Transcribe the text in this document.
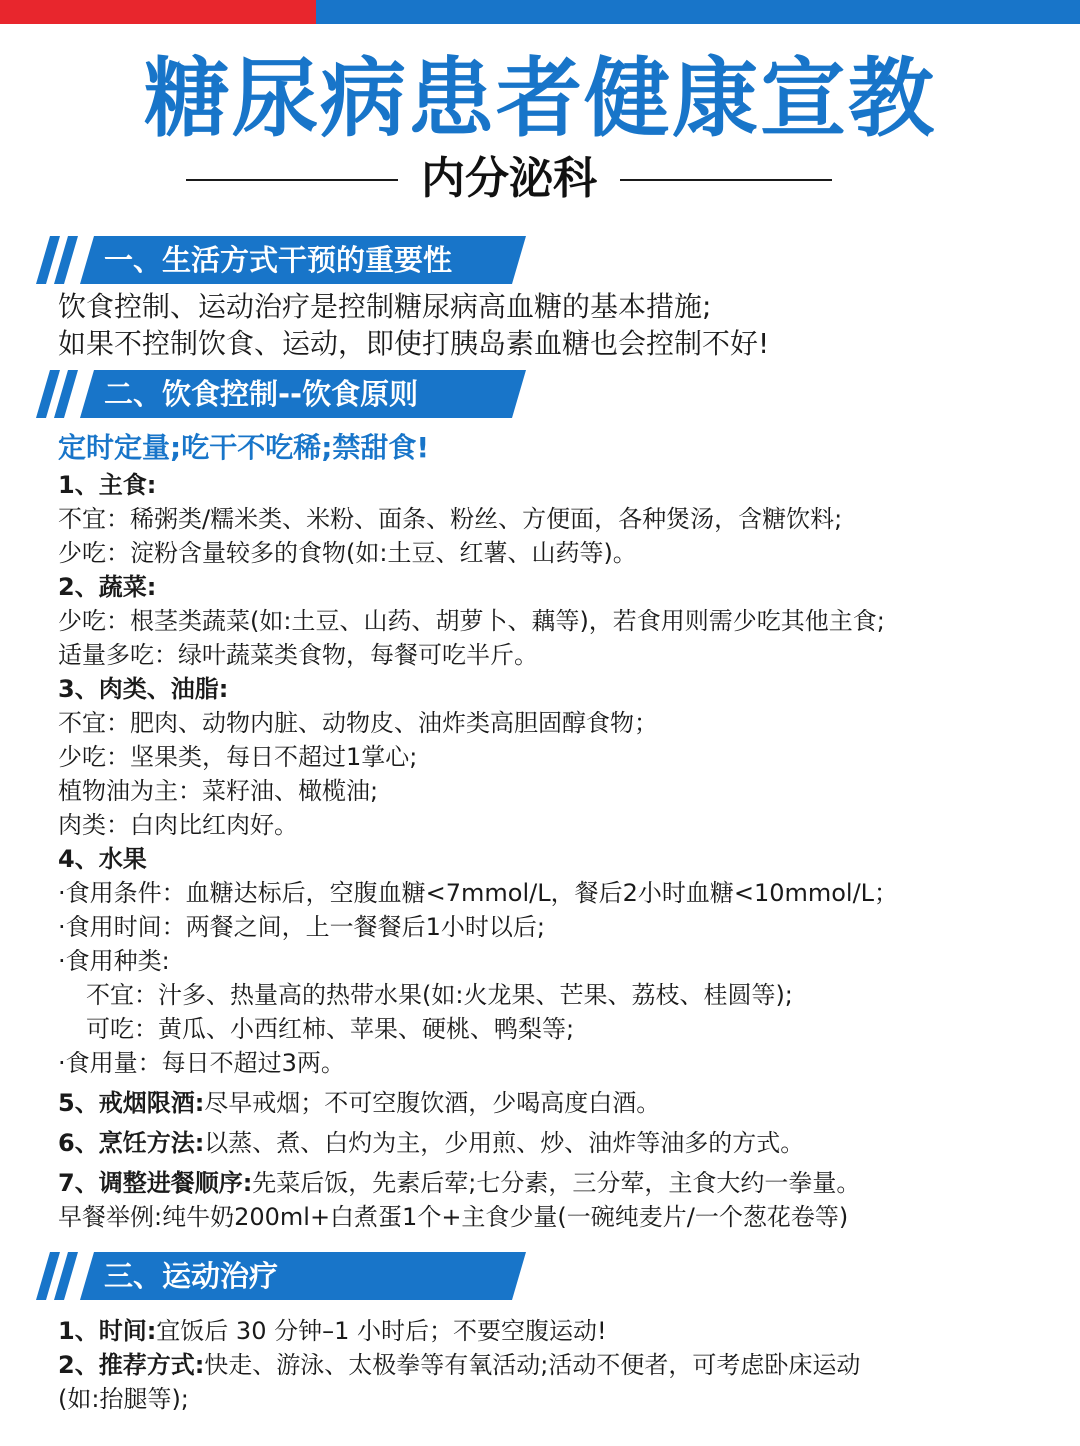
糖尿病患者健康宣教
内分泌科
一、生活方式干预的重要性
饮食控制、运动治疗是控制糖尿病高血糖的基本措施;
如果不控制饮食、运动，即使打胰岛素血糖也会控制不好!
二、饮食控制--饮食原则
定时定量;吃干不吃稀;禁甜食!
1、主食:
不宜：稀粥类/糯米类、米粉、面条、粉丝、方便面，各种煲汤，含糖饮料;
少吃：淀粉含量较多的食物(如:土豆、红薯、山药等)。
2、蔬菜:
少吃：根茎类蔬菜(如:土豆、山药、胡萝卜、藕等)，若食用则需少吃其他主食;
适量多吃：绿叶蔬菜类食物，每餐可吃半斤。
3、肉类、油脂:
不宜：肥肉、动物内脏、动物皮、油炸类高胆固醇食物；
少吃：坚果类，每日不超过1掌心;
植物油为主：菜籽油、橄榄油;
肉类：白肉比红肉好。
4、水果
·食用条件：血糖达标后，空腹血糖<7mmol/L，餐后2小时血糖<10mmol/L；
·食用时间：两餐之间，上一餐餐后1小时以后;
·食用种类:
不宜：汁多、热量高的热带水果(如:火龙果、芒果、荔枝、桂圆等);
可吃：黄瓜、小西红柿、苹果、硬桃、鸭梨等;
·食用量：每日不超过3两。
5、戒烟限酒:尽早戒烟；不可空腹饮酒，少喝高度白酒。
6、烹饪方法:以蒸、煮、白灼为主，少用煎、炒、油炸等油多的方式。
7、调整进餐顺序:先菜后饭，先素后荤;七分素，三分荤，主食大约一拳量。
早餐举例:纯牛奶200ml+白煮蛋1个+主食少量(一碗纯麦片/一个葱花卷等)
三、运动治疗
1、时间:宜饭后 30 分钟–1 小时后；不要空腹运动!
2、推荐方式:快走、游泳、太极拳等有氧活动;活动不便者，可考虑卧床运动
(如:抬腿等);
